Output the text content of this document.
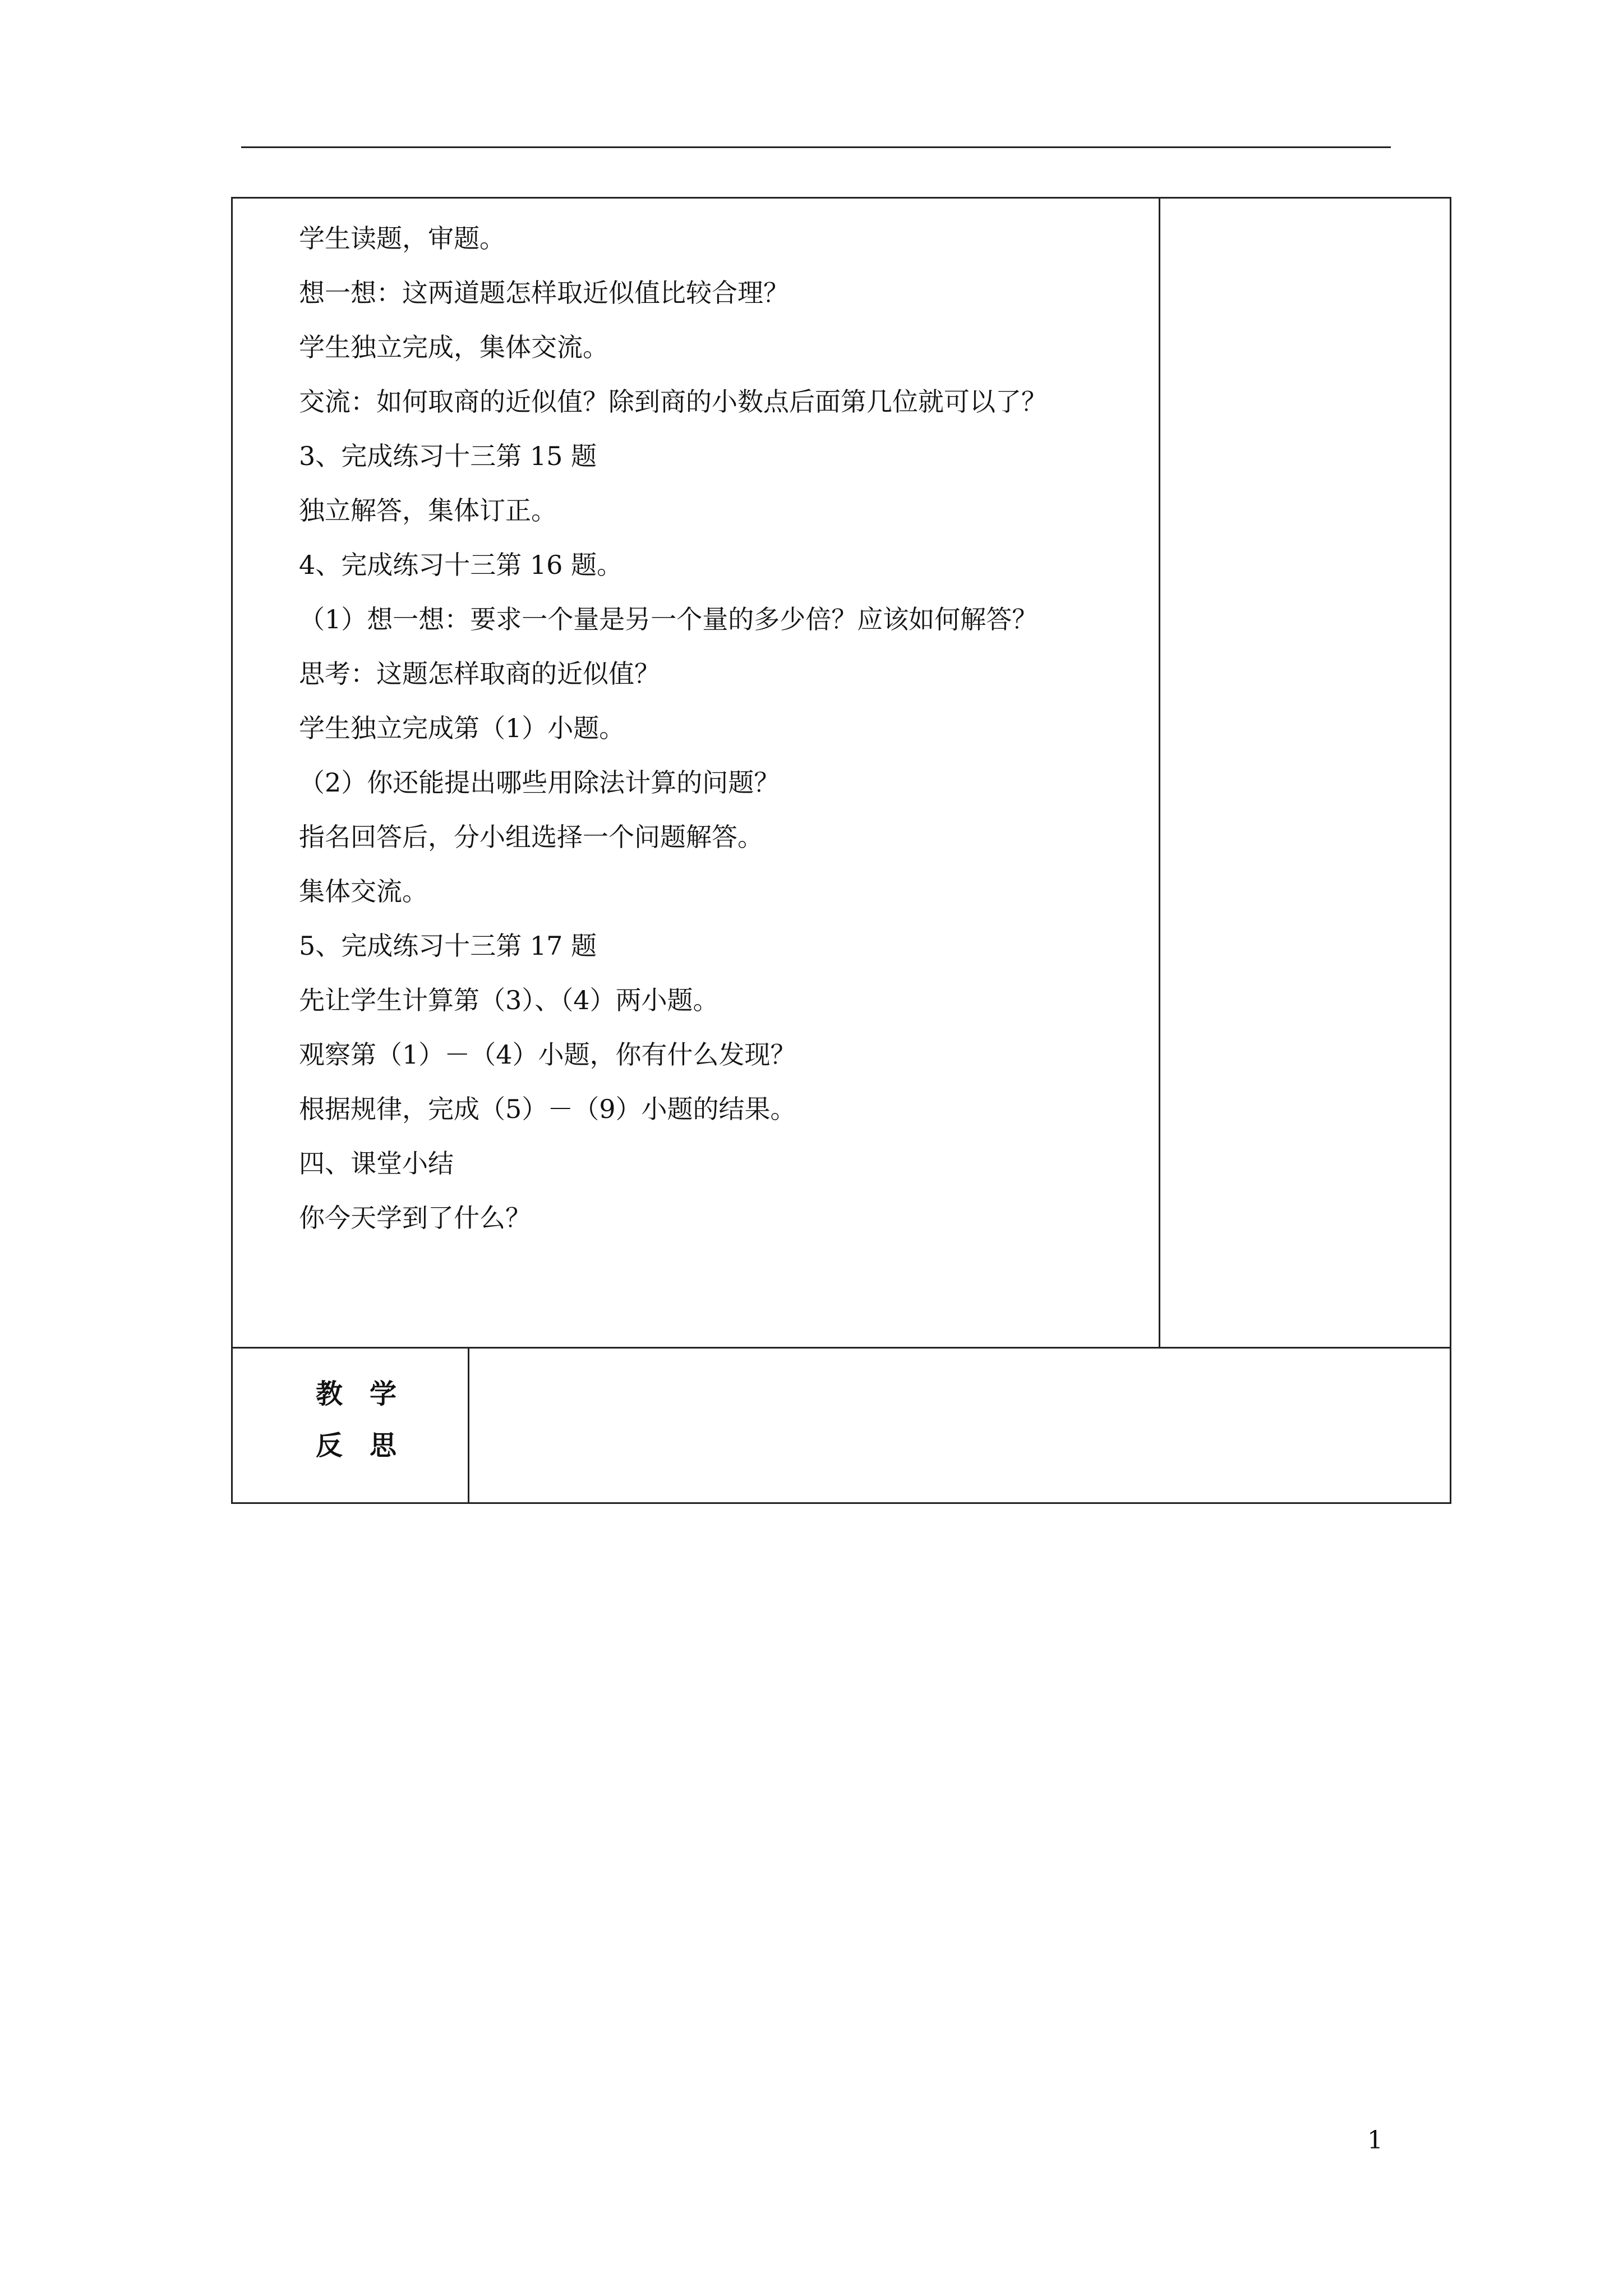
学生读题，审题。
想一想：这两道题怎样取近似值比较合理？
学生独立完成，集体交流。
交流：如何取商的近似值？除到商的小数点后面第几位就可以了？
3、完成练习十三第 15 题
独立解答，集体订正。
4、完成练习十三第 16 题。
（1）想一想：要求一个量是另一个量的多少倍？应该如何解答？
思考：这题怎样取商的近似值？
学生独立完成第（1）小题。
（2）你还能提出哪些用除法计算的问题？
指名回答后，分小组选择一个问题解答。
集体交流。
5、完成练习十三第 17 题
先让学生计算第（3）、（4）两小题。
观察第（1）－（4）小题，你有什么发现？
根据规律，完成（5）－（9）小题的结果。
四、课堂小结
你今天学到了什么？
教　学
反　思
1
